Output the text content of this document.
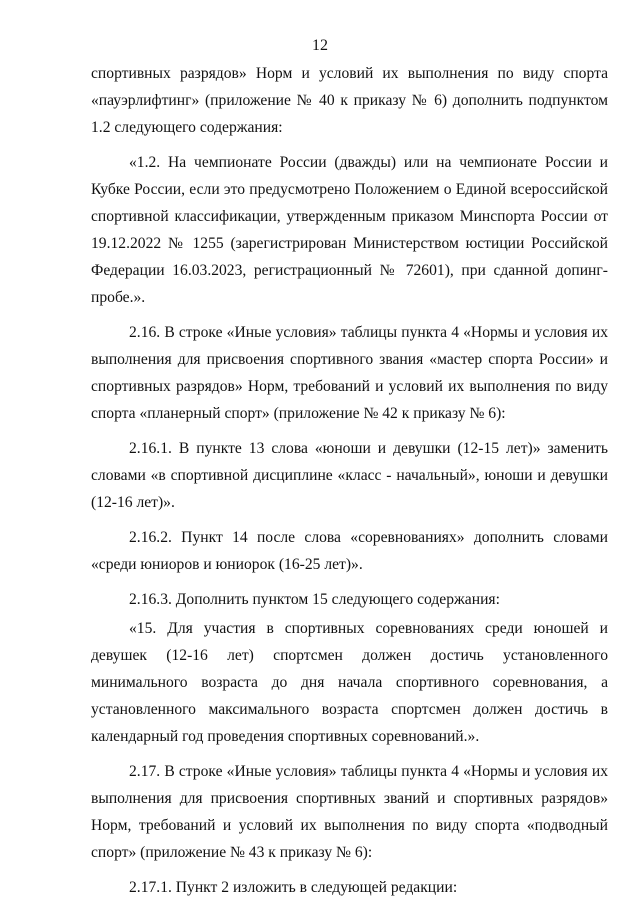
12

спортивных разрядов» Норм и условий их выполнения по виду спорта «пауэрлифтинг» (приложение № 40 к приказу № 6) дополнить подпунктом 1.2 следующего содержания:

«1.2. На чемпионате России (дважды) или на чемпионате России и Кубке России, если это предусмотрено Положением о Единой всероссийской спортивной классификации, утвержденным приказом Минспорта России от 19.12.2022 № 1255 (зарегистрирован Министерством юстиции Российской Федерации 16.03.2023, регистрационный № 72601), при сданной допинг-пробе.».

2.16. В строке «Иные условия» таблицы пункта 4 «Нормы и условия их выполнения для присвоения спортивного звания «мастер спорта России» и спортивных разрядов» Норм, требований и условий их выполнения по виду спорта «планерный спорт» (приложение № 42 к приказу № 6):

2.16.1. В пункте 13 слова «юноши и девушки (12-15 лет)» заменить словами «в спортивной дисциплине «класс - начальный», юноши и девушки (12-16 лет)».

2.16.2. Пункт 14 после слова «соревнованиях» дополнить словами «среди юниоров и юниорок (16-25 лет)».

2.16.3. Дополнить пунктом 15 следующего содержания:

«15. Для участия в спортивных соревнованиях среди юношей и девушек (12-16 лет) спортсмен должен достичь установленного минимального возраста до дня начала спортивного соревнования, а установленного максимального возраста спортсмен должен достичь в календарный год проведения спортивных соревнований.».

2.17. В строке «Иные условия» таблицы пункта 4 «Нормы и условия их выполнения для присвоения спортивных званий и спортивных разрядов» Норм, требований и условий их выполнения по виду спорта «подводный спорт» (приложение № 43 к приказу № 6):

2.17.1. Пункт 2 изложить в следующей редакции:
